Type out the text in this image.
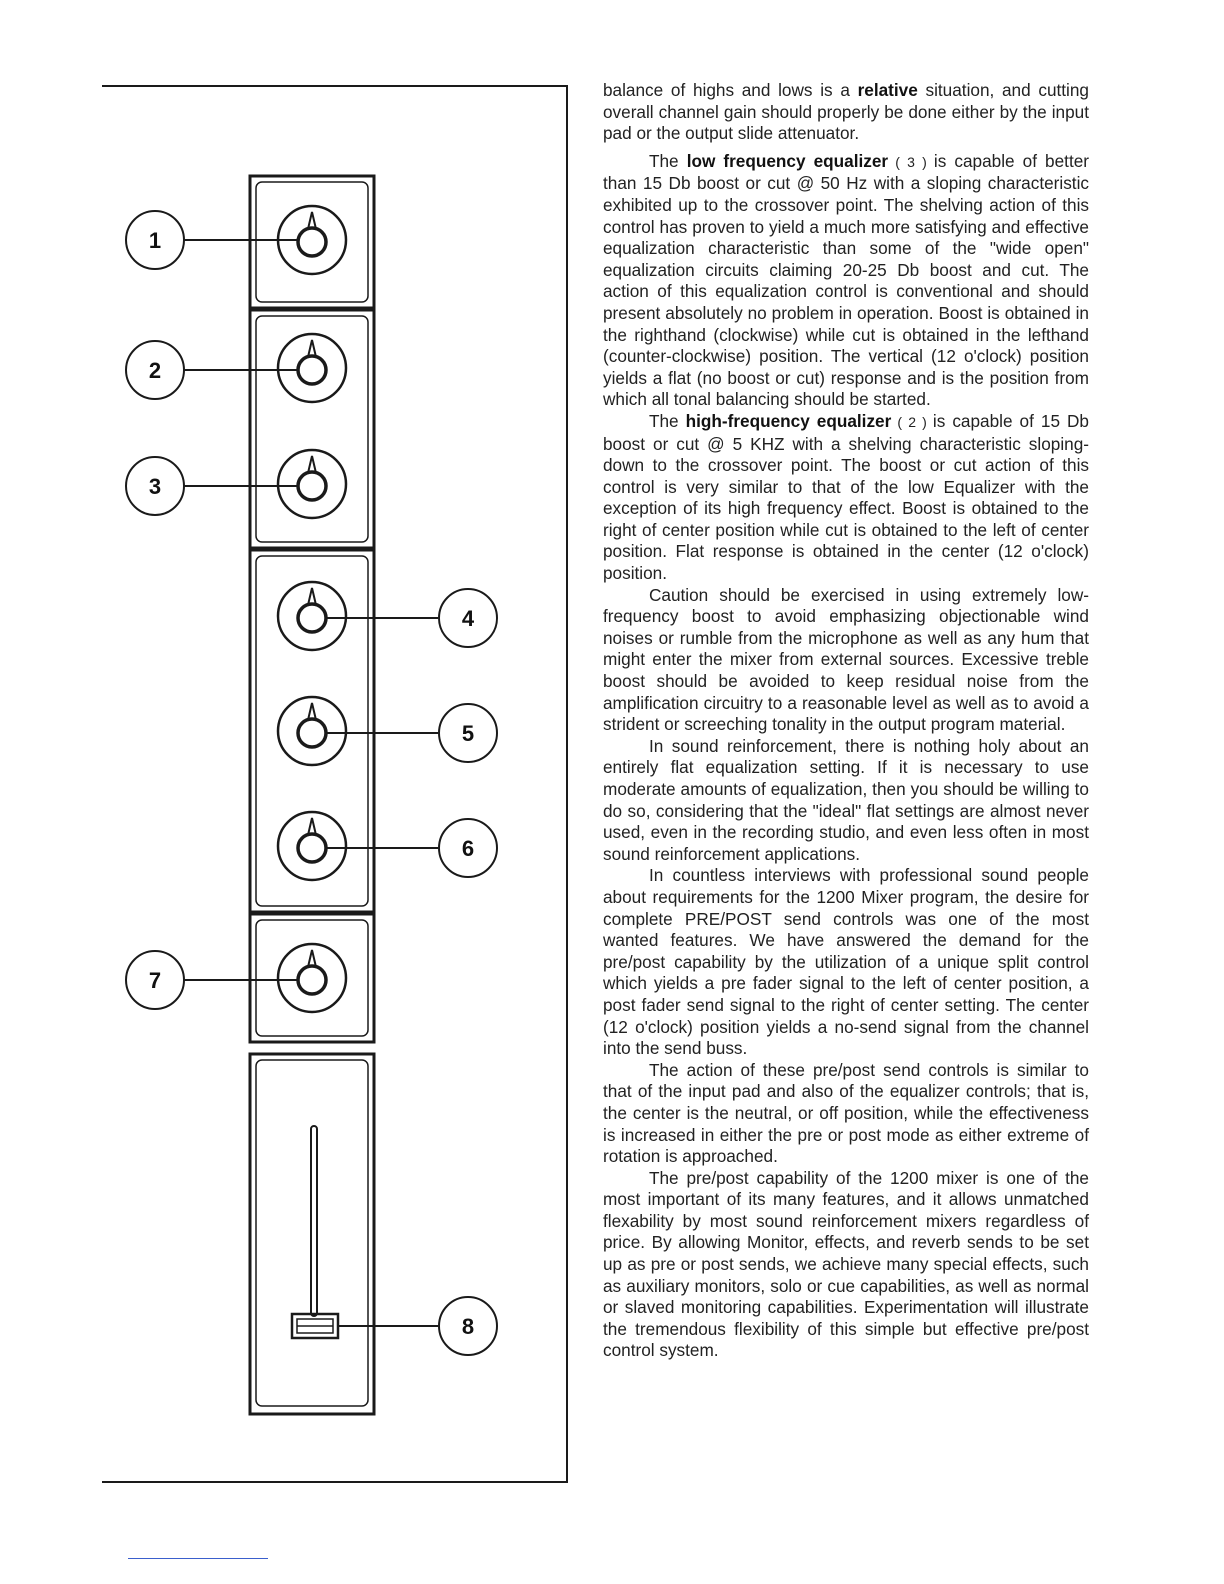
1
2
3
4
5
6
7
8

balance of highs and lows is a relative situation, and cutting overall channel gain should properly be done either by the input pad or the output slide attenuator.

The low frequency equalizer ( 3 ) is capable of better than 15 Db boost or cut @ 50 Hz with a sloping characteristic exhibited up to the crossover point. The shelving action of this control has proven to yield a much more satisfying and effective equalization characteristic than some of the "wide open" equalization circuits claiming 20-25 Db boost and cut. The action of this equalization control is conventional and should present absolutely no problem in operation. Boost is obtained in the righthand (clockwise) while cut is obtained in the lefthand (counter-clockwise) position. The vertical (12 o'clock) position yields a flat (no boost or cut) response and is the position from which all tonal balancing should be started.

The high-frequency equalizer ( 2 ) is capable of 15 Db boost or cut @ 5 KHZ with a shelving characteristic sloping-down to the crossover point. The boost or cut action of this control is very similar to that of the low Equalizer with the exception of its high frequency effect. Boost is obtained to the right of center position while cut is obtained to the left of center position. Flat response is obtained in the center (12 o'clock) position.

Caution should be exercised in using extremely low-frequency boost to avoid emphasizing objectionable wind noises or rumble from the microphone as well as any hum that might enter the mixer from external sources. Excessive treble boost should be avoided to keep residual noise from the amplification circuitry to a reasonable level as well as to avoid a strident or screeching tonality in the output program material.

In sound reinforcement, there is nothing holy about an entirely flat equalization setting. If it is necessary to use moderate amounts of equalization, then you should be willing to do so, considering that the "ideal" flat settings are almost never used, even in the recording studio, and even less often in most sound reinforcement applications.

In countless interviews with professional sound people about requirements for the 1200 Mixer program, the desire for complete PRE/POST send controls was one of the most wanted features. We have answered the demand for the pre/post capability by the utilization of a unique split control which yields a pre fader signal to the left of center position, a post fader send signal to the right of center setting. The center (12 o'clock) position yields a no-send signal from the channel into the send buss.

The action of these pre/post send controls is similar to that of the input pad and also of the equalizer controls; that is, the center is the neutral, or off position, while the effectiveness is increased in either the pre or post mode as either extreme of rotation is approached.

The pre/post capability of the 1200 mixer is one of the most important of its many features, and it allows unmatched flexability by most sound reinforcement mixers regardless of price. By allowing Monitor, effects, and reverb sends to be set up as pre or post sends, we achieve many special effects, such as auxiliary monitors, solo or cue capabilities, as well as normal or slaved monitoring capabilities. Experimentation will illustrate the tremendous flexibility of this simple but effective pre/post control system.
